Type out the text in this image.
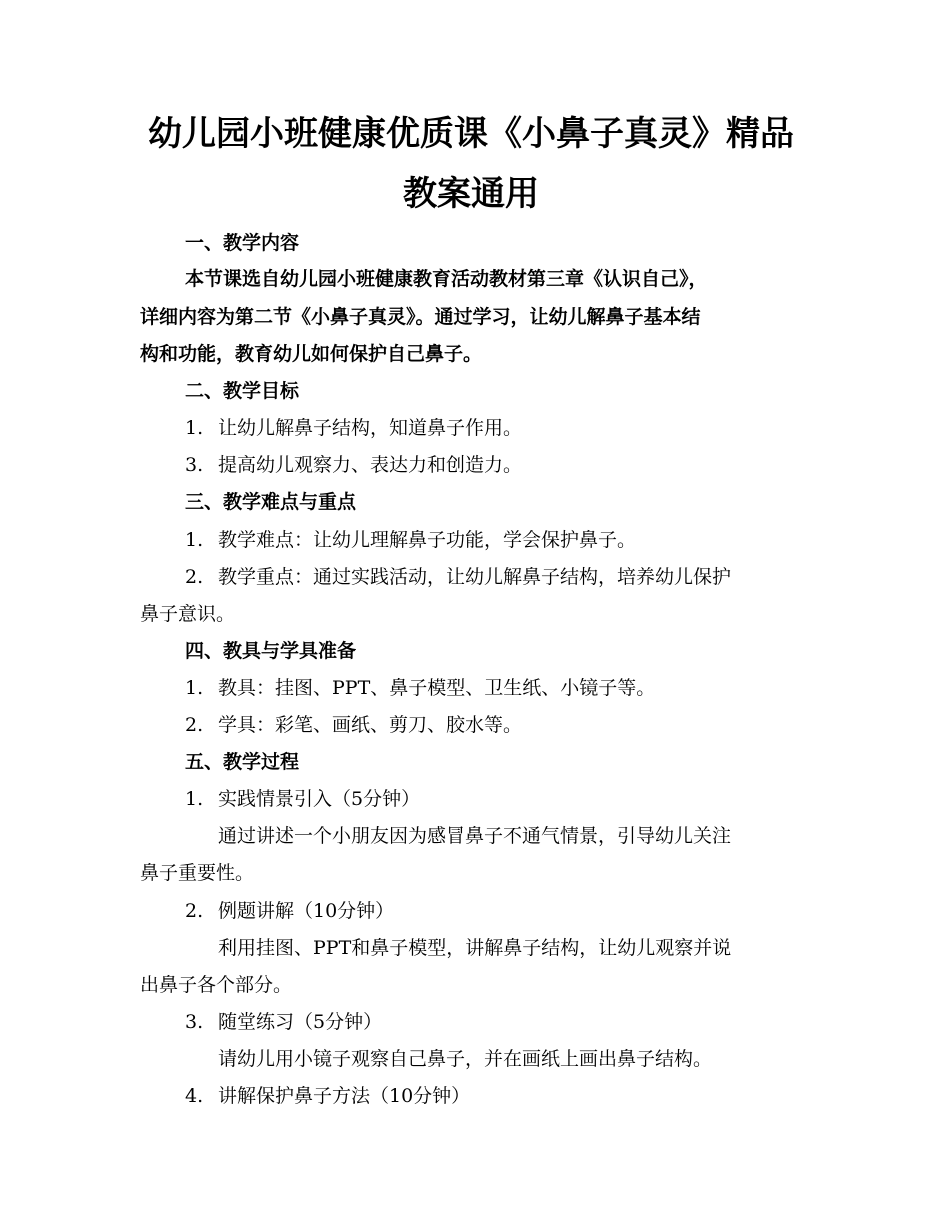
幼儿园小班健康优质课《小鼻子真灵》精品
教案通用
一、教学内容
本节课选自幼儿园小班健康教育活动教材第三章《认识自己》，
详细内容为第二节《小鼻子真灵》。通过学习，让幼儿解鼻子基本结
构和功能，教育幼儿如何保护自己鼻子。
二、教学目标
1. 让幼儿解鼻子结构，知道鼻子作用。
3. 提高幼儿观察力、表达力和创造力。
三、教学难点与重点
1. 教学难点：让幼儿理解鼻子功能，学会保护鼻子。
2. 教学重点：通过实践活动，让幼儿解鼻子结构，培养幼儿保护
鼻子意识。
四、教具与学具准备
1. 教具：挂图、PPT、鼻子模型、卫生纸、小镜子等。
2. 学具：彩笔、画纸、剪刀、胶水等。
五、教学过程
1. 实践情景引入（5分钟）
通过讲述一个小朋友因为感冒鼻子不通气情景，引导幼儿关注
鼻子重要性。
2. 例题讲解（10分钟）
利用挂图、PPT和鼻子模型，讲解鼻子结构，让幼儿观察并说
出鼻子各个部分。
3. 随堂练习（5分钟）
请幼儿用小镜子观察自己鼻子，并在画纸上画出鼻子结构。
4. 讲解保护鼻子方法（10分钟）
